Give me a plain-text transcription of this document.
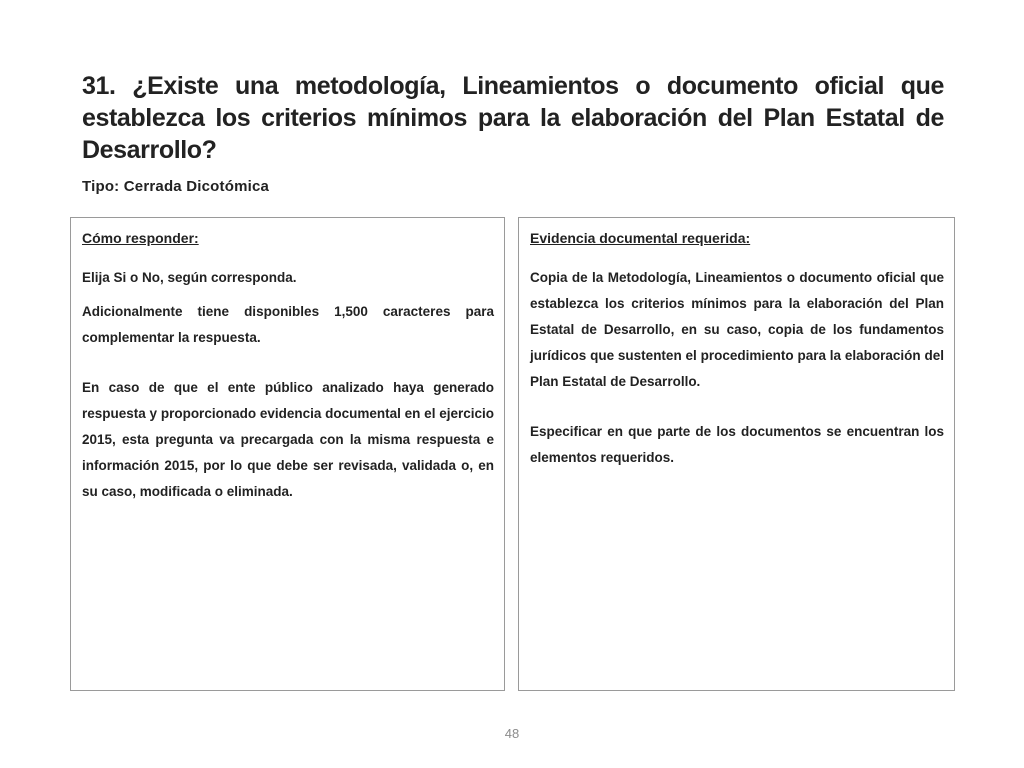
31. ¿Existe una metodología, Lineamientos o documento oficial que establezca los criterios mínimos para la elaboración del Plan Estatal de Desarrollo?
Tipo: Cerrada Dicotómica
Cómo responder:

Elija Si o No, según corresponda.

Adicionalmente tiene disponibles 1,500 caracteres para complementar la respuesta.

En caso de que el ente público analizado haya generado respuesta y proporcionado evidencia documental en el ejercicio 2015, esta pregunta va precargada con la misma respuesta e información 2015, por lo que debe ser revisada, validada o, en su caso, modificada o eliminada.

Evidencia documental requerida:

Copia de la Metodología, Lineamientos o documento oficial que establezca los criterios mínimos para la elaboración del Plan Estatal de Desarrollo, en su caso, copia de los fundamentos jurídicos que sustenten el procedimiento para la elaboración del Plan Estatal de Desarrollo.

Especificar en que parte de los documentos se encuentran los elementos requeridos.

48
